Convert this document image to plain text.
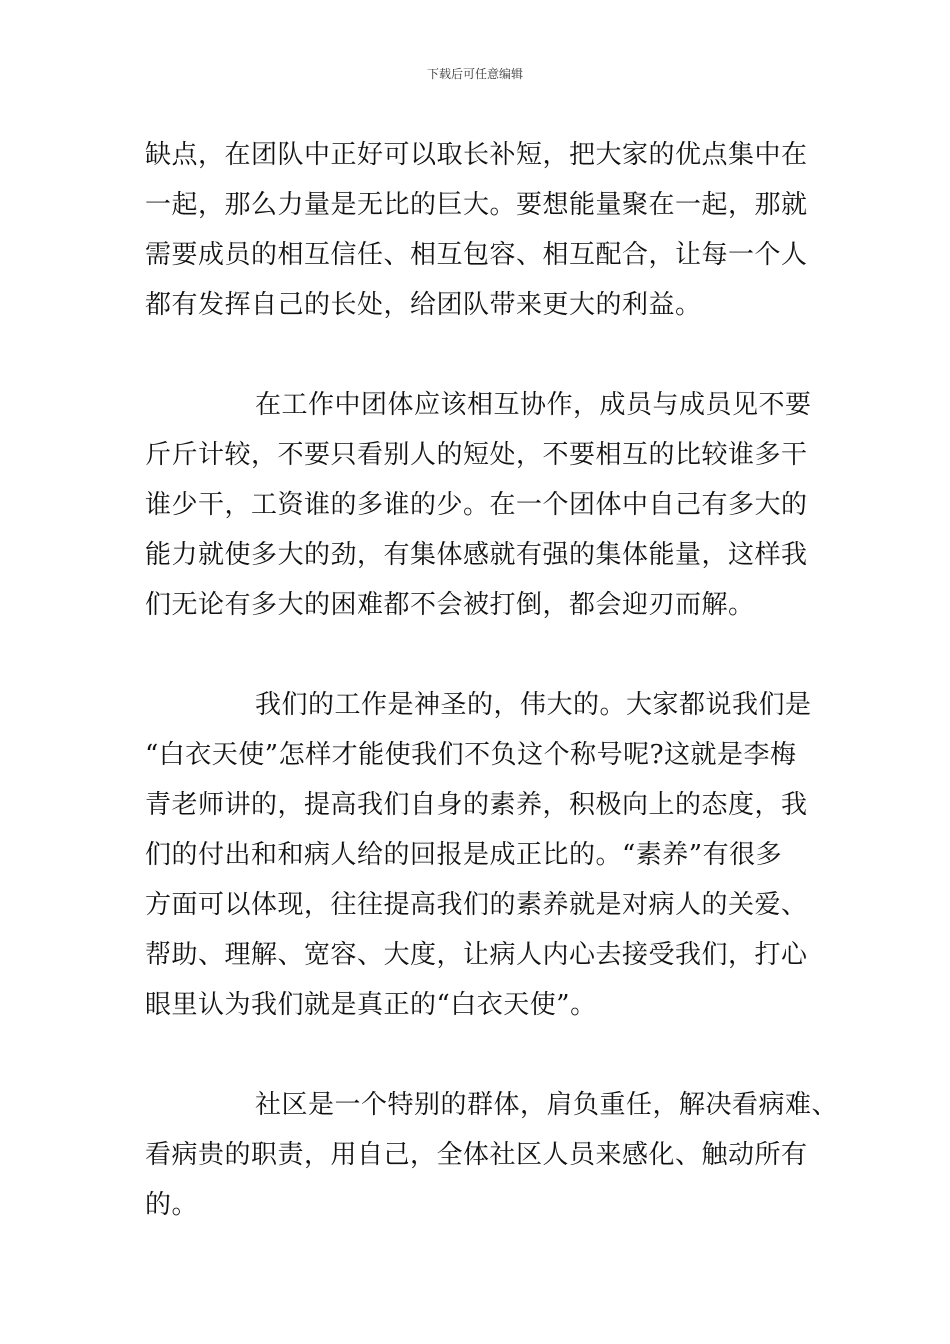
下载后可任意编辑

缺点，在团队中正好可以取长补短，把大家的优点集中在
一起，那么力量是无比的巨大。要想能量聚在一起，那就
需要成员的相互信任、相互包容、相互配合，让每一个人
都有发挥自己的长处，给团队带来更大的利益。

在工作中团体应该相互协作，成员与成员见不要
斤斤计较，不要只看别人的短处，不要相互的比较谁多干
谁少干，工资谁的多谁的少。在一个团体中自己有多大的
能力就使多大的劲，有集体感就有强的集体能量，这样我
们无论有多大的困难都不会被打倒，都会迎刃而解。

我们的工作是神圣的，伟大的。大家都说我们是
“白衣天使”怎样才能使我们不负这个称号呢?这就是李梅
青老师讲的，提高我们自身的素养，积极向上的态度，我
们的付出和和病人给的回报是成正比的。“素养”有很多
方面可以体现，往往提高我们的素养就是对病人的关爱、
帮助、理解、宽容、大度，让病人内心去接受我们，打心
眼里认为我们就是真正的“白衣天使”。

社区是一个特别的群体，肩负重任，解决看病难、
看病贵的职责，用自己，全体社区人员来感化、触动所有
的。
